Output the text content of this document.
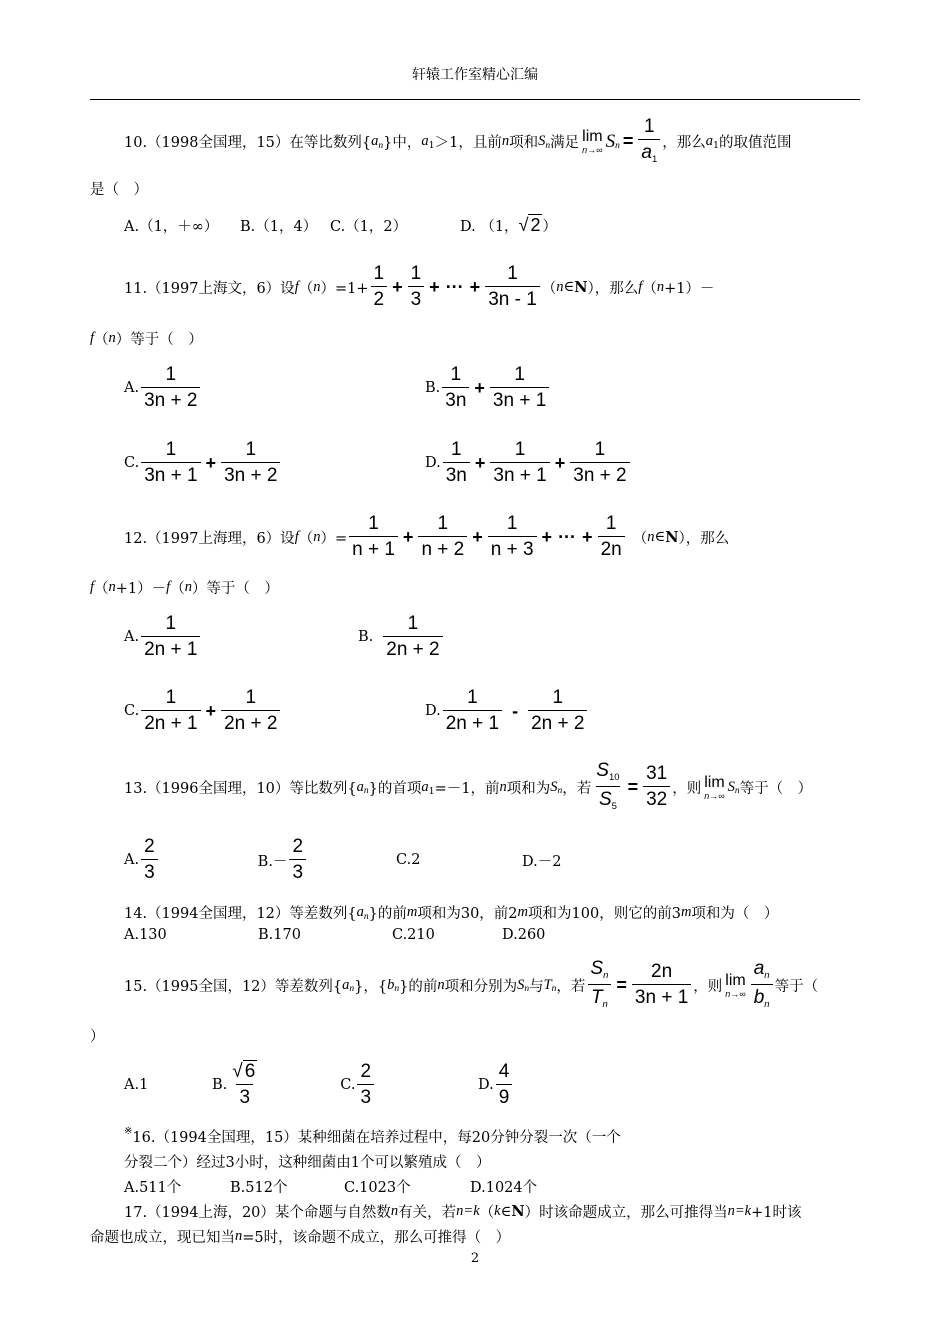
轩辕工作室精心汇编
10.（1998全国理，15）在等比数列{ a n }中， a 1 ＞1，且前 n 项和 S n 满足 lim
n→∞ S $n = \frac{1}{a_1}$ ，那么 a 1 的取值范围
是（　）
A.（1，＋∞）	B.（1，4） C.（1，2）	D. （1， √ 2 ）
11.（1997上海文，6）设 f （ n ）$=1+ \frac{1}{2} + \frac{1}{3}$ + ··· + $\frac{1}{3n - 1}$ （ n ∈ N ），那么 f （ n +1）－
f （ n ）等于（　）
A. $\frac{1}{3n + 2}$	B. $\frac{1}{3n} + \frac{1}{3n + 1}$
C. $\frac{1}{3n + 1} + \frac{1}{3n + 2}$	D. $\frac{1}{3n} + \frac{1}{3n + 1} + \frac{1}{3n + 2}$
12.（1997上海理，6）设 f （ n ）= $\frac{1}{n + 1} + \frac{1}{n + 2} + \frac{1}{n + 3}$ + ··· + $\frac{1}{2n}$ （ n ∈ N ），那么
f （ n +1）－ f （ n ）等于（　）
A. $\frac{1}{2n + 1}$	B. $\frac{1}{2n + 2}$
C. $\frac{1}{2n + 1} + \frac{1}{2n + 2}$	D. $\frac{1}{2n + 1} - \frac{1}{2n + 2}$
13.（1996全国理，10）等比数列{ a n }的首项 a 1 =－1，前 n 项和为 S n ，若 $\frac{S_{10}}{S_5} = \frac{31}{32}$ ，则 lim
n→∞
S n 等于（　）
A. $\frac{2}{3}$	$B.- \frac{2}{3}$	C.2	D.－2
14.（1994全国理，12）等差数列{ a n }的前 m 项和为30，前2 m 项和为100，则它的前3 m 项和为（　）
A.130	B.170	C.210	D.260
15.（1995全国，12）等差数列{ a n }，{ b n }的前 n 项和分别为 S n 与 T n ，若 $\frac{S_n}{T_n} = \frac{2n}{3n + 1}$ ，则 lim
$n\to\infty \frac{a_n}{b_n}$ 等于（
）
A.1	B. $\frac{√ 6}{3}$	C. $\frac{2}{3}$	D. $\frac{4}{9}$
※ 16.（1994全国理，15）某种细菌在培养过程中，每20分钟分裂一次（一个
分裂二个）经过3小时，这种细菌由1个可以繁殖成（　）
A.511个	B.512个	C.1023个	D.1024个
17.（1994上海，20）某个命题与自然数 n 有关，若 n=k （ k ∈ N ）时该命题成立，那么可推得当 n=k +1时该
命题也成立，现已知当 n =5时，该命题不成立，那么可推得（　）
2
